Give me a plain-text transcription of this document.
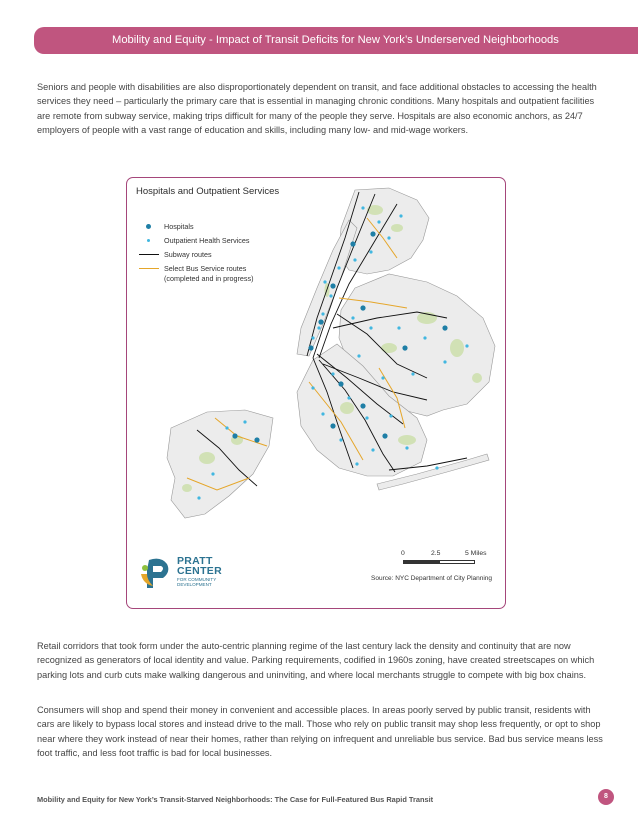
Mobility and Equity - Impact of Transit Deficits for New York’s Underserved Neighborhoods

Seniors and people with disabilities are also disproportionately dependent on transit, and face additional obstacles to accessing the health services they need – particularly the primary care that is essential in managing chronic conditions. Many hospitals and outpatient facilities are remote from subway service, making trips difficult for many of the people they serve. Hospitals are also economic anchors, as 24/7 employers of people with a vast range of education and skills, including many low- and mid-wage workers.

Hospitals and Outpatient Services
Hospitals
Outpatient Health Services
Subway routes
Select Bus Service routes
(completed and in progress)
PRATT
CENTER
FOR COMMUNITY
DEVELOPMENT
0	2.5	5 Miles
Source: NYC Department of City Planning

Retail corridors that took form under the auto-centric planning regime of the last century lack the density and continuity that are now recognized as generators of local identity and value. Parking requirements, codified in 1960s zoning, have created streetscapes on which parking lots and curb cuts make walking dangerous and uninviting, and where local merchants struggle to compete with big box chains.

Consumers will shop and spend their money in convenient and accessible places. In areas poorly served by public transit, residents with cars are likely to bypass local stores and instead drive to the mall. Those who rely on public transit may shop less frequently, or opt to shop near where they work instead of near their homes, rather than relying on infrequent and unreliable bus service. Bad bus service means less foot traffic, and less foot traffic is bad for local businesses.

Mobility and Equity for New York’s Transit-Starved Neighborhoods: The Case for Full-Featured Bus Rapid Transit	8
